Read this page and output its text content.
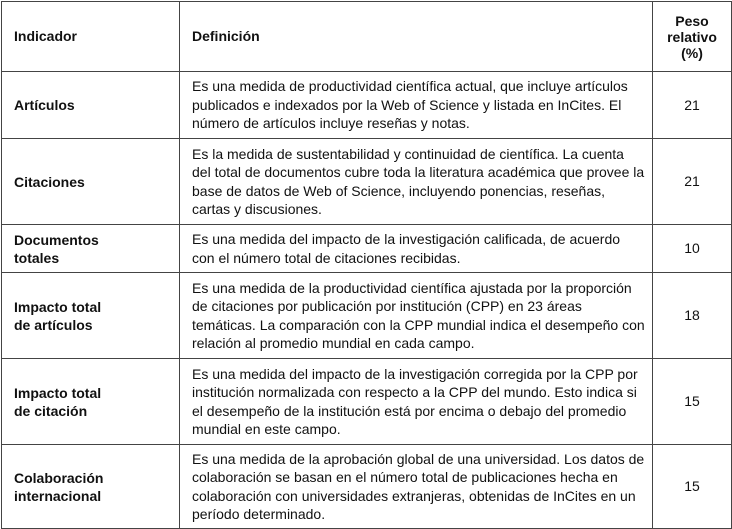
Indicador	Definición	Peso
relativo
(%)
Artículos	Es una medida de productividad científica actual, que incluye artículos publicados e indexados por la Web of Science y listada en InCites. El número de artículos incluye reseñas y notas.	21
Citaciones	Es la medida de sustentabilidad y continuidad de científica. La cuenta del total de documentos cubre toda la literatura académica que provee la base de datos de Web of Science, incluyendo ponencias, reseñas, cartas y discusiones.	21
Documentos
totales	Es una medida del impacto de la investigación calificada, de acuerdo con el número total de citaciones recibidas.	10
Impacto total
de artículos	Es una medida de la productividad científica ajustada por la proporción de citaciones por publicación por institución (CPP) en 23 áreas temáticas. La comparación con la CPP mundial indica el desempeño con relación al promedio mundial en cada campo.	18
Impacto total
de citación	Es una medida del impacto de la investigación corregida por la CPP por institución normalizada con respecto a la CPP del mundo. Esto indica si el desempeño de la institución está por encima o debajo del promedio mundial en este campo.	15
Colaboración
internacional	Es una medida de la aprobación global de una universidad. Los datos de colaboración se basan en el número total de publicaciones hecha en colaboración con universidades extranjeras, obtenidas de InCites en un período determinado.	15
